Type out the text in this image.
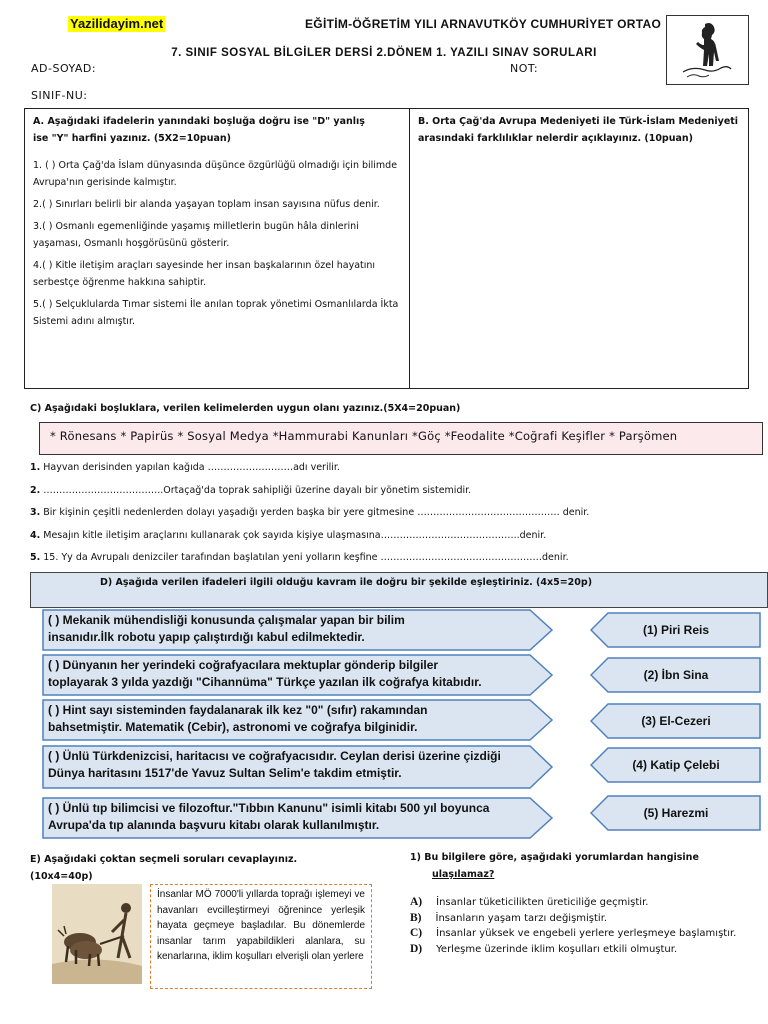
Yazilidayim.net	EĞİTİM-ÖĞRETİM YILI ARNAVUTKÖY CUMHURİYET ORTAO
7. SINIF SOSYAL BİLGİLER DERSİ 2.DÖNEM 1. YAZILI SINAV SORULARI
AD-SOYAD:	NOT:
SINIF-NU:
A. Aşağıdaki ifadelerin yanındaki boşluğa doğru ise "D" yanlış
ise "Y" harfini yazınız. (5X2=10puan)
1. ( ) Orta Çağ'da İslam dünyasında düşünce özgürlüğü olmadığı için bilimde Avrupa'nın gerisinde kalmıştır.
2.( ) Sınırları belirli bir alanda yaşayan toplam insan sayısına nüfus denir.
3.( ) Osmanlı egemenliğinde yaşamış milletlerin bugün hâla dinlerini yaşaması, Osmanlı hoşgörüsünü gösterir.
4.( ) Kitle iletişim araçları sayesinde her insan başkalarının özel hayatını serbestçe öğrenme hakkına sahiptir.
5.( ) Selçuklularda Tımar sistemi İle anılan toprak yönetimi Osmanlılarda İkta Sistemi adını almıştır.
B. Orta Çağ'da Avrupa Medeniyeti ile Türk-İslam Medeniyeti arasındaki farklılıklar nelerdir açıklayınız. (10puan)
C) Aşağıdaki boşluklara, verilen kelimelerden uygun olanı yazınız.(5X4=20puan)
* Rönesans * Papirüs * Sosyal Medya *Hammurabi Kanunları *Göç *Feodalite *Coğrafi Keşifler * Parşömen
1. Hayvan derisinden yapılan kağıda ………………………adı verilir.
2. ………………………………..Ortaçağ'da toprak sahipliği üzerine dayalı bir yönetim sistemidir.
3. Bir kişinin çeşitli nedenlerden dolayı yaşadığı yerden başka bir yere gitmesine ……………………………………… denir.
4. Mesajın kitle iletişim araçlarını kullanarak çok sayıda kişiye ulaşmasına……………………………………..denir.
5. 15. Yy da Avrupalı denizciler tarafından başlatılan yeni yolların keşfine ……………………………………………denir.
D) Aşağıda verilen ifadeleri ilgili olduğu kavram ile doğru bir şekilde eşleştiriniz. (4x5=20p)
( ) Mekanik mühendisliği konusunda çalışmalar yapan bir bilim
insanıdır.İlk robotu yapıp çalıştırdığı kabul edilmektedir.
( ) Dünyanın her yerindeki coğrafyacılara mektuplar gönderip bilgiler
toplayarak 3 yılda yazdığı "Cihannüma" Türkçe yazılan ilk coğrafya kitabıdır.
( ) Hint sayı sisteminden faydalanarak ilk kez "0" (sıfır) rakamından
bahsetmiştir. Matematik (Cebir), astronomi ve coğrafya bilginidir.
( ) Ünlü Türkdenizcisi, haritacısı ve coğrafyacısıdır. Ceylan derisi üzerine çizdiği
Dünya haritasını 1517'de Yavuz Sultan Selim'e takdim etmiştir.
( ) Ünlü tıp bilimcisi ve filozoftur."Tıbbın Kanunu" isimli kitabı 500 yıl boyunca
Avrupa'da tıp alanında başvuru kitabı olarak kullanılmıştır.
(1) Piri Reis
(2) İbn Sina
(3) El-Cezeri
(4) Katip Çelebi
(5) Harezmi
E) Aşağıdaki çoktan seçmeli soruları cevaplayınız.
(10x4=40p)
İnsanlar MÖ 7000'li yıllarda toprağı işlemeyi ve havanları evcilleştirmeyi öğrenince yerleşik hayata geçmeye başladılar. Bu dönemlerde insanlar tarım yapabildikleri alanlara, su kenarlarına, iklim koşulları elverişli olan yerlere
1) Bu bilgilere göre, aşağıdaki yorumlardan hangisine
ulaşılamaz?
A) İnsanlar tüketicilikten üreticiliğe geçmiştir.
B) İnsanların yaşam tarzı değişmiştir.
C) İnsanlar yüksek ve engebeli yerlere yerleşmeye başlamıştır.
D) Yerleşme üzerinde iklim koşulları etkili olmuştur.
